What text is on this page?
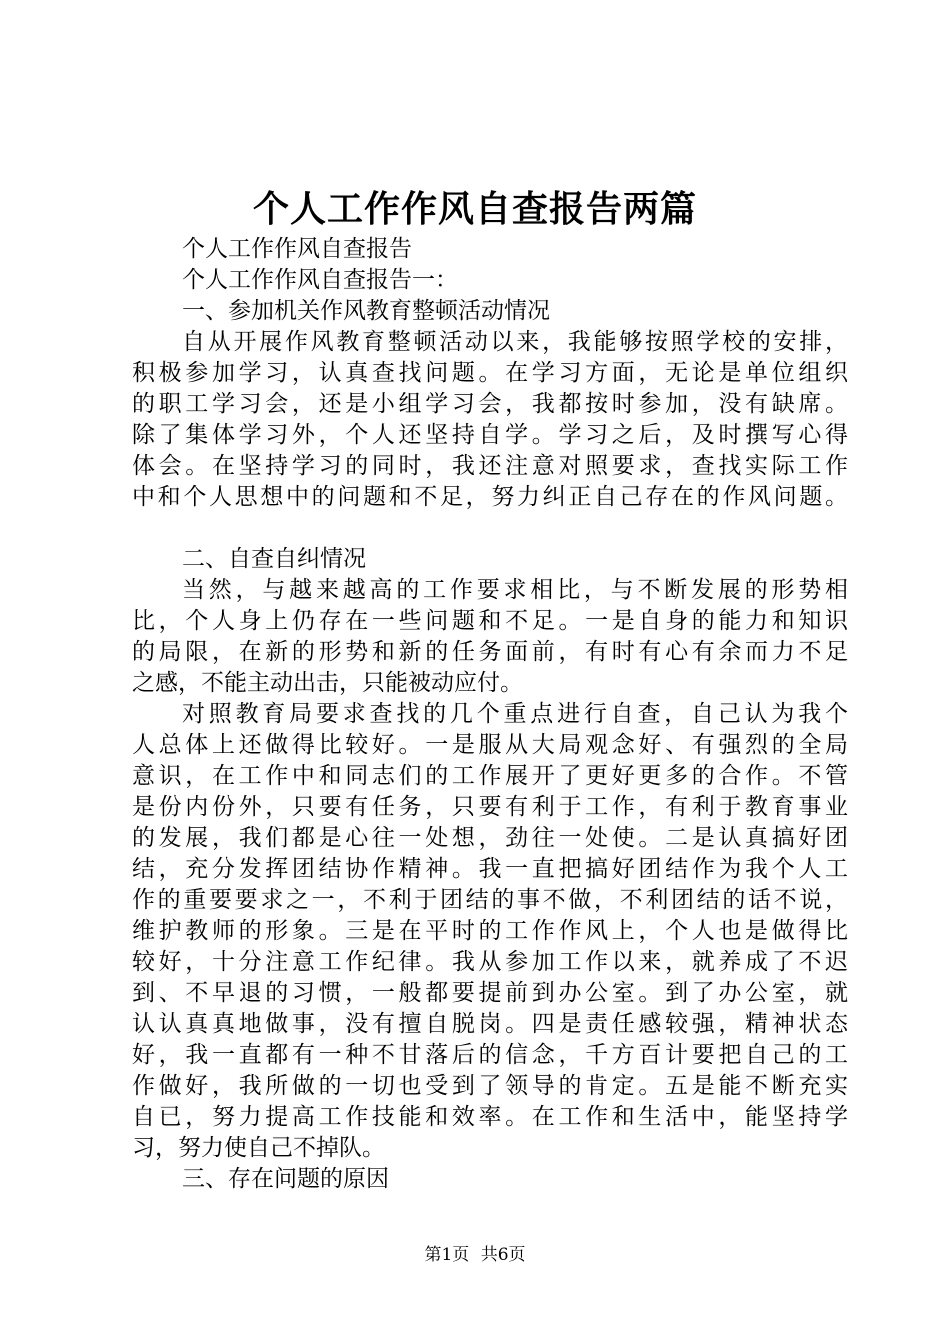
个人工作作风自查报告两篇

个人工作作风自查报告

个人工作作风自查报告一：

一、参加机关作风教育整顿活动情况

自从开展作风教育整顿活动以来，我能够按照学校的安排，

积极参加学习，认真查找问题。在学习方面，无论是单位组织

的职工学习会，还是小组学习会，我都按时参加，没有缺席。

除了集体学习外，个人还坚持自学。学习之后，及时撰写心得

体会。在坚持学习的同时，我还注意对照要求，查找实际工作

中和个人思想中的问题和不足，努力纠正自己存在的作风问题。

二、自查自纠情况

当然，与越来越高的工作要求相比，与不断发展的形势相

比，个人身上仍存在一些问题和不足。一是自身的能力和知识

的局限，在新的形势和新的任务面前，有时有心有余而力不足

之感，不能主动出击，只能被动应付。

对照教育局要求查找的几个重点进行自查，自己认为我个

人总体上还做得比较好。一是服从大局观念好、有强烈的全局

意识，在工作中和同志们的工作展开了更好更多的合作。不管

是份内份外，只要有任务，只要有利于工作，有利于教育事业

的发展，我们都是心往一处想，劲往一处使。二是认真搞好团

结，充分发挥团结协作精神。我一直把搞好团结作为我个人工

作的重要要求之一，不利于团结的事不做，不利团结的话不说，

维护教师的形象。三是在平时的工作作风上，个人也是做得比

较好，十分注意工作纪律。我从参加工作以来，就养成了不迟

到、不早退的习惯，一般都要提前到办公室。到了办公室，就

认认真真地做事，没有擅自脱岗。四是责任感较强，精神状态

好，我一直都有一种不甘落后的信念，千方百计要把自己的工

作做好，我所做的一切也受到了领导的肯定。五是能不断充实

自已，努力提高工作技能和效率。在工作和生活中，能坚持学

习，努力使自己不掉队。

三、存在问题的原因

第1页 共6页
